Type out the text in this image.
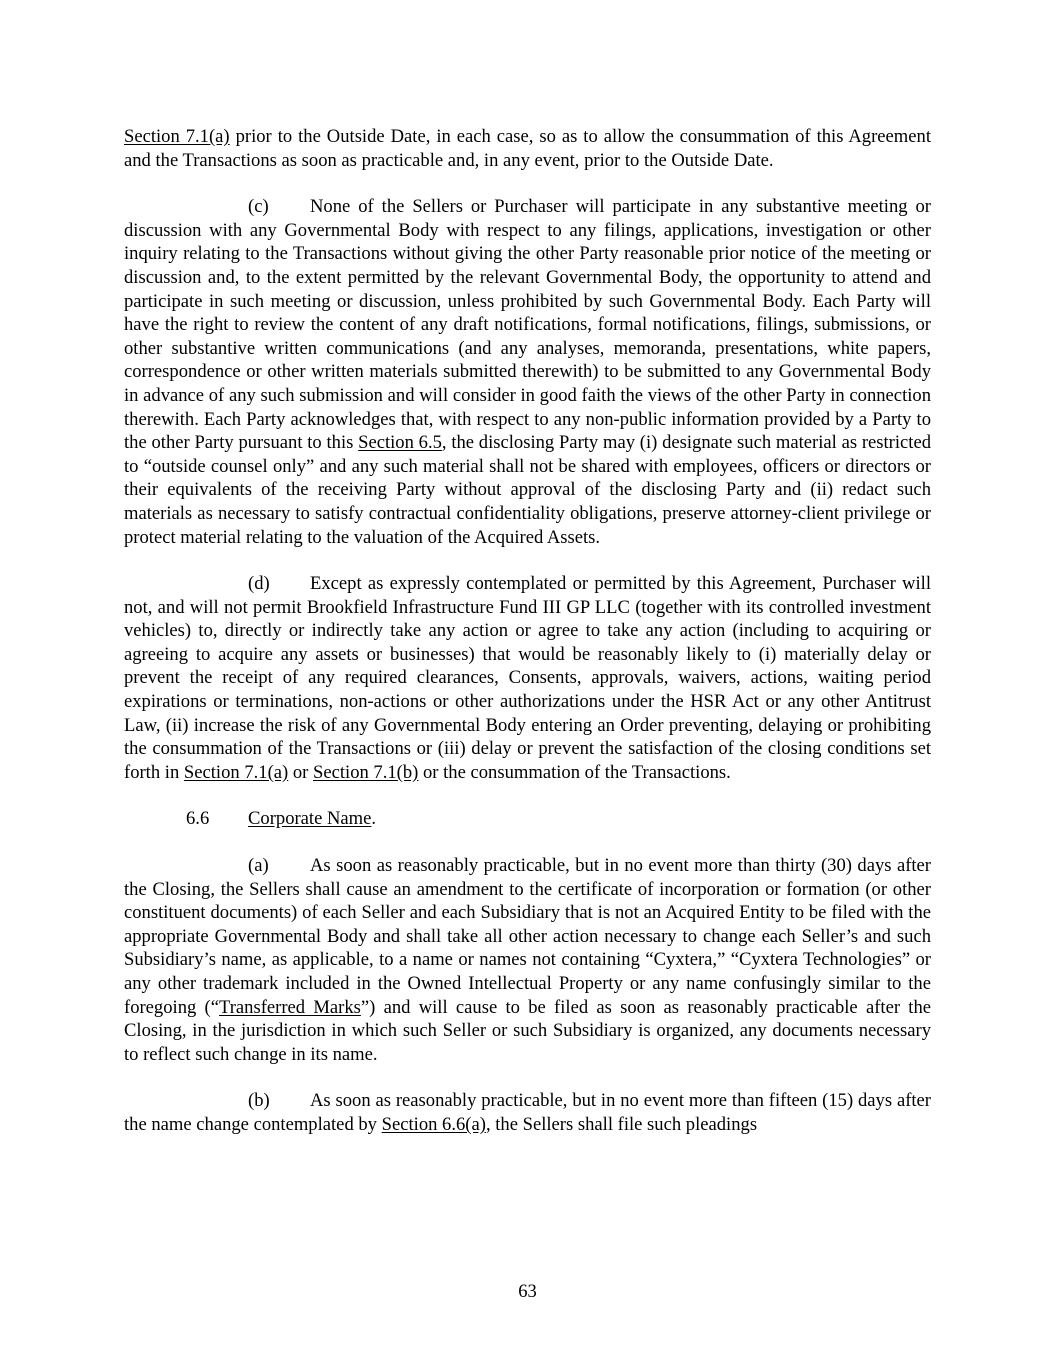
Section 7.1(a) prior to the Outside Date, in each case, so as to allow the consummation of this Agreement and the Transactions as soon as practicable and, in any event, prior to the Outside Date.

(c) None of the Sellers or Purchaser will participate in any substantive meeting or discussion with any Governmental Body with respect to any filings, applications, investigation or other inquiry relating to the Transactions without giving the other Party reasonable prior notice of the meeting or discussion and, to the extent permitted by the relevant Governmental Body, the opportunity to attend and participate in such meeting or discussion, unless prohibited by such Governmental Body. Each Party will have the right to review the content of any draft notifications, formal notifications, filings, submissions, or other substantive written communications (and any analyses, memoranda, presentations, white papers, correspondence or other written materials submitted therewith) to be submitted to any Governmental Body in advance of any such submission and will consider in good faith the views of the other Party in connection therewith. Each Party acknowledges that, with respect to any non-public information provided by a Party to the other Party pursuant to this Section 6.5, the disclosing Party may (i) designate such material as restricted to “outside counsel only” and any such material shall not be shared with employees, officers or directors or their equivalents of the receiving Party without approval of the disclosing Party and (ii) redact such materials as necessary to satisfy contractual confidentiality obligations, preserve attorney-client privilege or protect material relating to the valuation of the Acquired Assets.

(d) Except as expressly contemplated or permitted by this Agreement, Purchaser will not, and will not permit Brookfield Infrastructure Fund III GP LLC (together with its controlled investment vehicles) to, directly or indirectly take any action or agree to take any action (including to acquiring or agreeing to acquire any assets or businesses) that would be reasonably likely to (i) materially delay or prevent the receipt of any required clearances, Consents, approvals, waivers, actions, waiting period expirations or terminations, non-actions or other authorizations under the HSR Act or any other Antitrust Law, (ii) increase the risk of any Governmental Body entering an Order preventing, delaying or prohibiting the consummation of the Transactions or (iii) delay or prevent the satisfaction of the closing conditions set forth in Section 7.1(a) or Section 7.1(b) or the consummation of the Transactions.

6.6 Corporate Name.

(a) As soon as reasonably practicable, but in no event more than thirty (30) days after the Closing, the Sellers shall cause an amendment to the certificate of incorporation or formation (or other constituent documents) of each Seller and each Subsidiary that is not an Acquired Entity to be filed with the appropriate Governmental Body and shall take all other action necessary to change each Seller’s and such Subsidiary’s name, as applicable, to a name or names not containing “Cyxtera,” “Cyxtera Technologies” or any other trademark included in the Owned Intellectual Property or any name confusingly similar to the foregoing (“Transferred Marks”) and will cause to be filed as soon as reasonably practicable after the Closing, in the jurisdiction in which such Seller or such Subsidiary is organized, any documents necessary to reflect such change in its name.

(b) As soon as reasonably practicable, but in no event more than fifteen (15) days after the name change contemplated by Section 6.6(a), the Sellers shall file such pleadings

63
